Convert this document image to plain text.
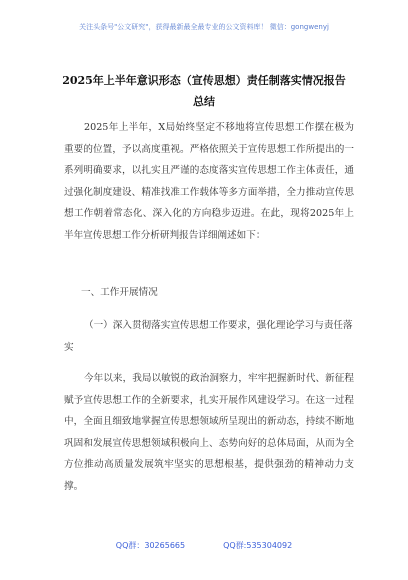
关注头条号"公文研究"，获得最新最全最专业的公文资料库！ 微信：gongwenyj
2025年上半年意识形态（宣传思想）责任制落实情况报告
总结
2025年上半年，X局始终坚定不移地将宣传思想工作摆在极为重要的位置，予以高度重视。严格依照关于宣传思想工作所提出的一系列明确要求，以扎实且严谨的态度落实宣传思想工作主体责任，通过强化制度建设、精准找准工作载体等多方面举措，全力推动宣传思想工作朝着常态化、深入化的方向稳步迈进。在此，现将2025年上半年宣传思想工作分析研判报告详细阐述如下：
一、工作开展情况
（一）深入贯彻落实宣传思想工作要求，强化理论学习与责任落实
今年以来，我局以敏锐的政治洞察力，牢牢把握新时代、新征程赋予宣传思想工作的全新要求，扎实开展作风建设学习。在这一过程中，全面且细致地掌握宣传思想领域所呈现出的新动态，持续不断地巩固和发展宣传思想领域积极向上、态势向好的总体局面，从而为全方位推动高质量发展筑牢坚实的思想根基，提供强劲的精神动力支撑。
QQ群：30265665	QQ群:535304092
